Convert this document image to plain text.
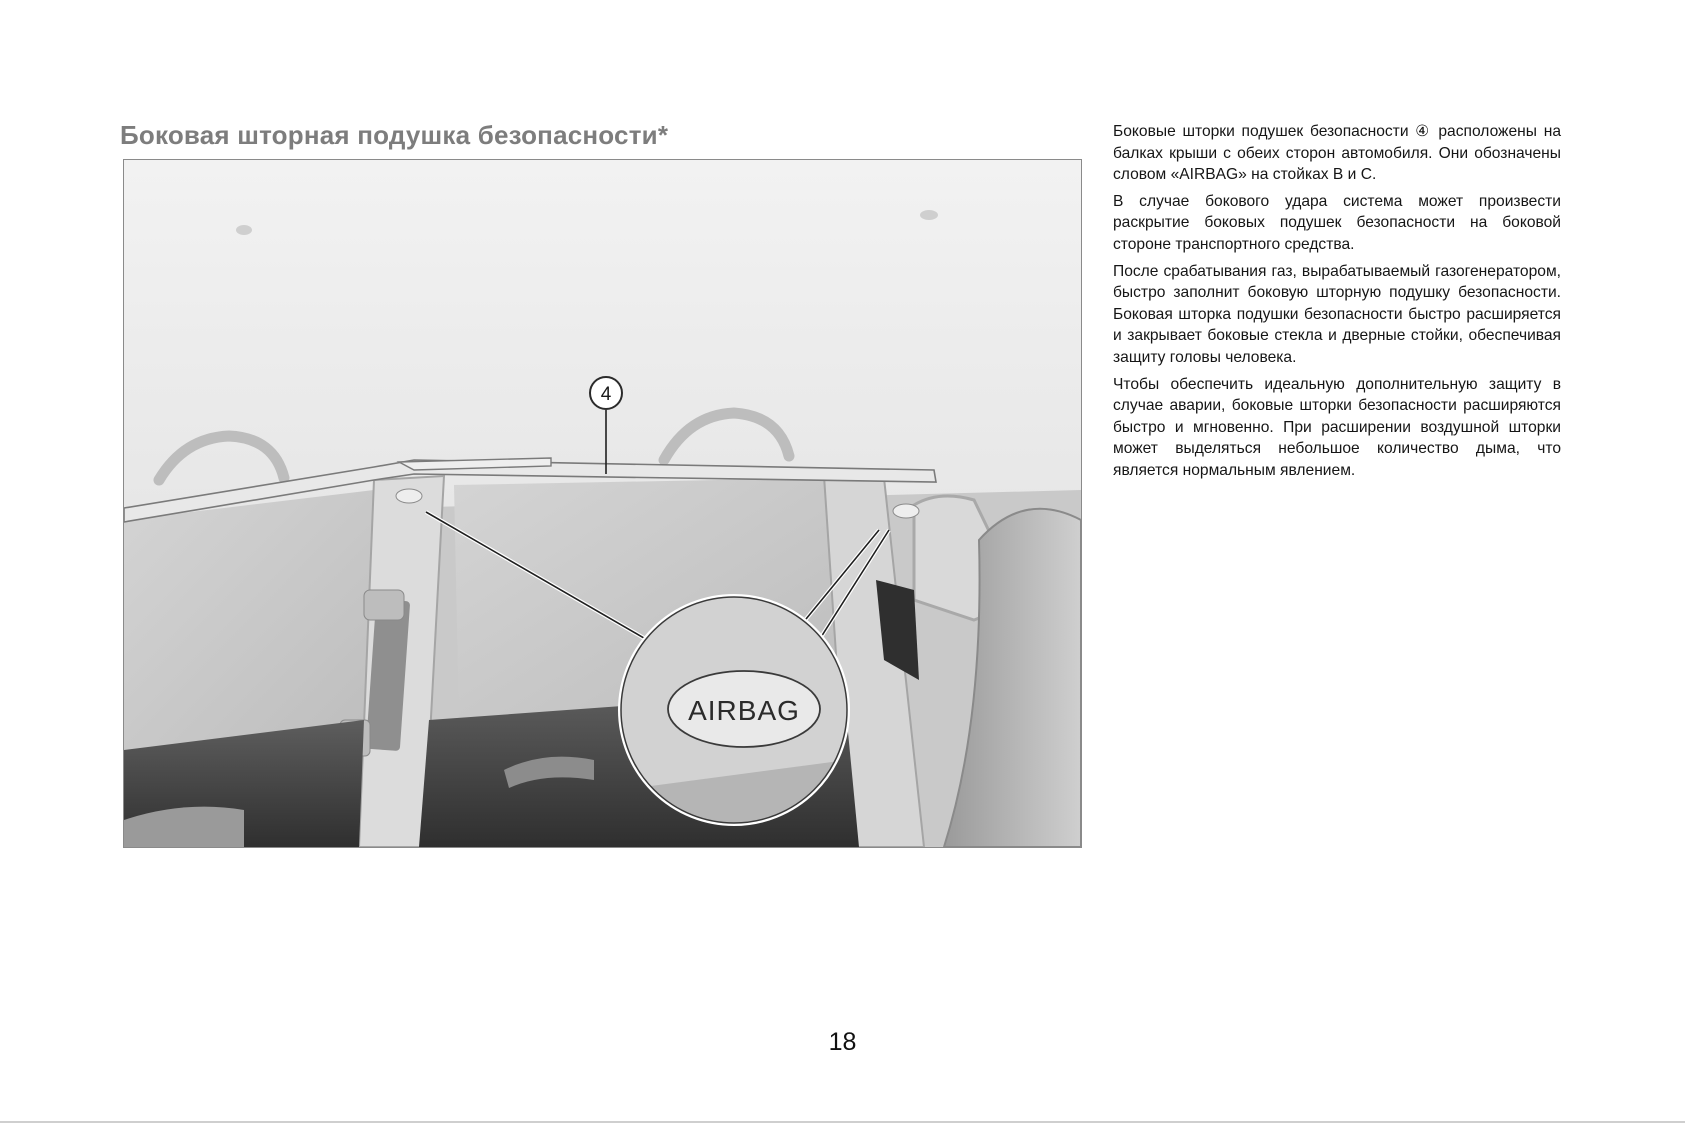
Боковая шторная подушка безопасности*
4
AIRBAG

Боковые шторки подушек безопасности ④ расположены на балках крыши с обеих сторон автомобиля. Они обозначены словом «AIRBAG» на стойках B и C.

В случае бокового удара система может произвести раскрытие боковых подушек безопасности на боковой стороне транспортного средства.

После срабатывания газ, вырабатываемый газогенератором, быстро заполнит боковую шторную подушку безопасности. Боковая шторка подушки безопасности быстро расширяется и закрывает боковые стекла и дверные стойки, обеспечивая защиту головы человека.

Чтобы обеспечить идеальную дополнительную защиту в случае аварии, боковые шторки безопасности расширяются быстро и мгновенно. При расширении воздушной шторки может выделяться небольшое количество дыма, что является нормальным явлением.

18
